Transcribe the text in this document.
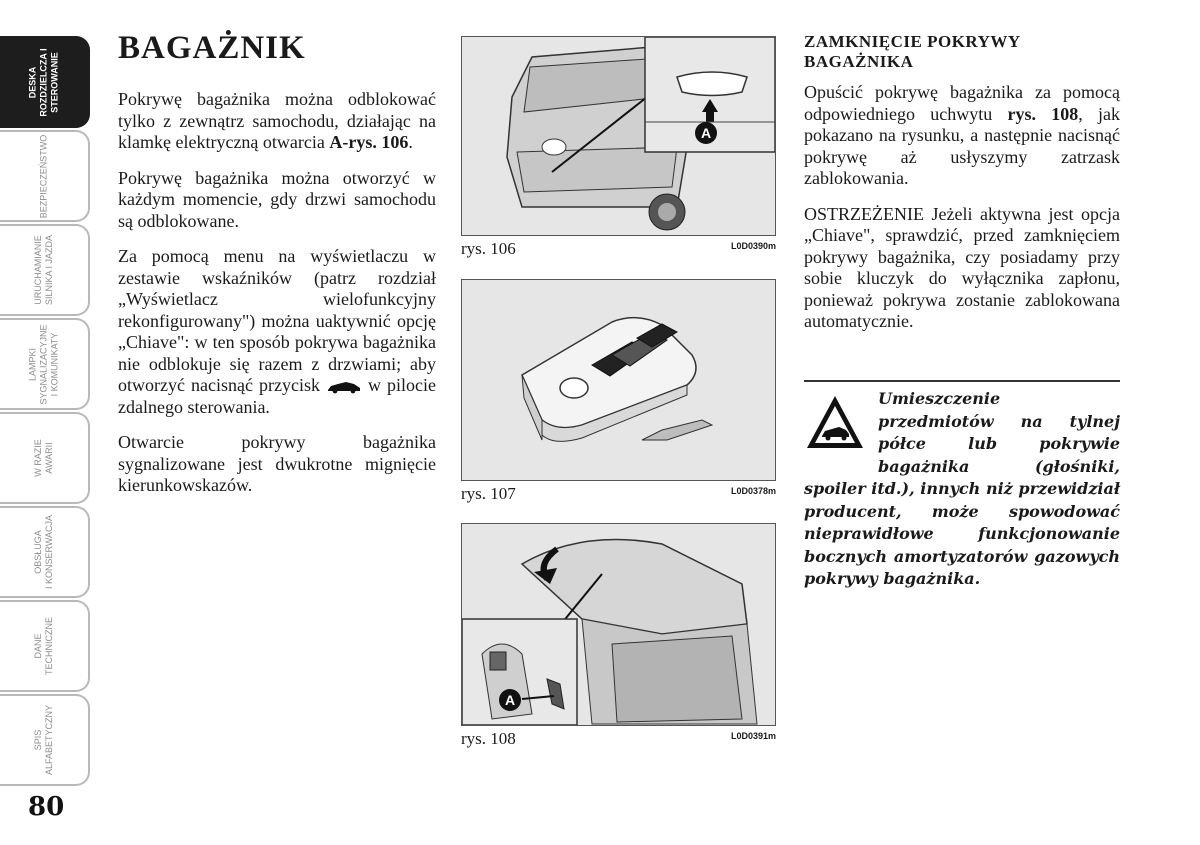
DESKA
ROZDZIELCZA I
STEROWANIE
BEZPIECZEŃSTWO
URUCHAMIANIE
SILNIKA I JAZDA
LAMPKI
SYGNALIZACYJNE
I KOMUNIKATY
W RAZIE
AWARII
OBSŁUGA
I KONSERWACJA
DANE
TECHNICZNE
SPIS
ALFABETYCZNY
80
BAGAŻNIK

Pokrywę bagażnika można odblokować tylko z zewnątrz samochodu, działając na klamkę elektryczną otwarcia A-rys. 106.

Pokrywę bagażnika można otworzyć w każdym momencie, gdy drzwi samochodu są odblokowane.

Za pomocą menu na wyświetlaczu w zestawie wskaźników (patrz rozdział „Wyświetlacz wielofunkcyjny rekonfigurowany") można uaktywnić opcję „Chiave": w ten sposób pokrywa bagażnika nie odblokuje się razem z drzwiami; aby otworzyć nacisnąć przycisk	w pilocie zdalnego sterowania.

Otwarcie pokrywy bagażnika sygnalizowane jest dwukrotne mignięcie kierunkowskazów.

A
rys. 106	L0D0390m
rys. 107	L0D0378m
A
rys. 108	L0D0391m
ZAMKNIĘCIE POKRYWY BAGAŻNIKA

Opuścić pokrywę bagażnika za pomocą odpowiedniego uchwytu rys. 108, jak pokazano na rysunku, a następnie nacisnąć pokrywę aż usłyszymy zatrzask zablokowania.

OSTRZEŻENIE Jeżeli aktywna jest opcja „Chiave", sprawdzić, przed zamknięciem pokrywy bagażnika, czy posiadamy przy sobie kluczyk do wyłącznika zapłonu, ponieważ pokrywa zostanie zablokowana automatycznie.

Umieszczenie przedmiotów na tylnej półce lub pokrywie bagażnika (głośniki, spoiler itd.), innych niż przewidział producent, może spowodować nieprawidłowe funkcjonowanie bocznych amortyzatorów gazowych pokrywy bagażnika.
